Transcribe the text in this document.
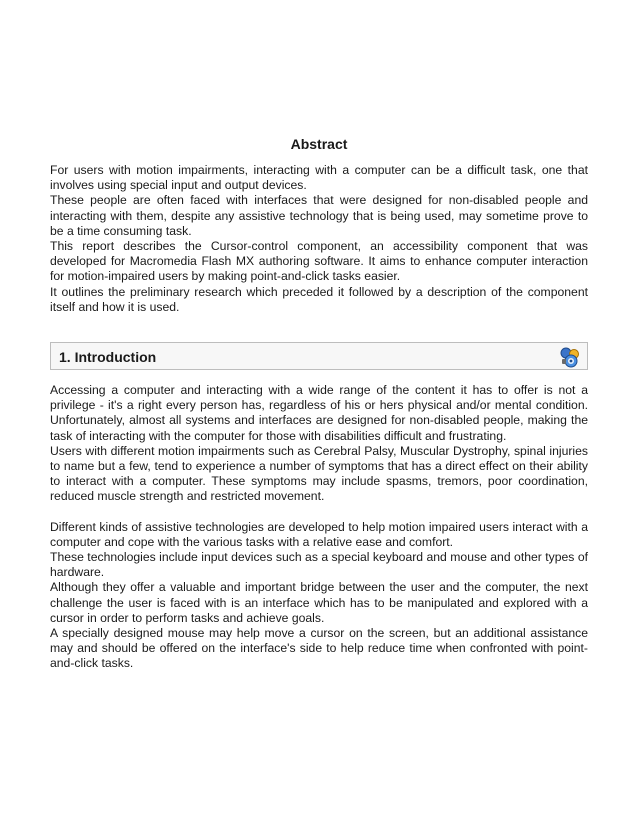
Abstract

For users with motion impairments, interacting with a computer can be a difficult task, one that involves using special input and output devices.

These people are often faced with interfaces that were designed for non-disabled people and interacting with them, despite any assistive technology that is being used, may sometime prove to be a time consuming task.

This report describes the Cursor-control component, an accessibility component that was developed for Macromedia Flash MX authoring software. It aims to enhance computer interaction for motion-impaired users by making point-and-click tasks easier.

It outlines the preliminary research which preceded it followed by a description of the component itself and how it is used.

1. Introduction

Accessing a computer and interacting with a wide range of the content it has to offer is not a privilege - it's a right every person has, regardless of his or hers physical and/or mental condition. Unfortunately, almost all systems and interfaces are designed for non-disabled people, making the task of interacting with the computer for those with disabilities difficult and frustrating.

Users with different motion impairments such as Cerebral Palsy, Muscular Dystrophy, spinal injuries to name but a few, tend to experience a number of symptoms that has a direct effect on their ability to interact with a computer. These symptoms may include spasms, tremors, poor coordination, reduced muscle strength and restricted movement.

Different kinds of assistive technologies are developed to help motion impaired users interact with a computer and cope with the various tasks with a relative ease and comfort.

These technologies include input devices such as a special keyboard and mouse and other types of hardware.

Although they offer a valuable and important bridge between the user and the computer, the next challenge the user is faced with is an interface which has to be manipulated and explored with a cursor in order to perform tasks and achieve goals.

A specially designed mouse may help move a cursor on the screen, but an additional assistance may and should be offered on the interface's side to help reduce time when confronted with point-and-click tasks.
